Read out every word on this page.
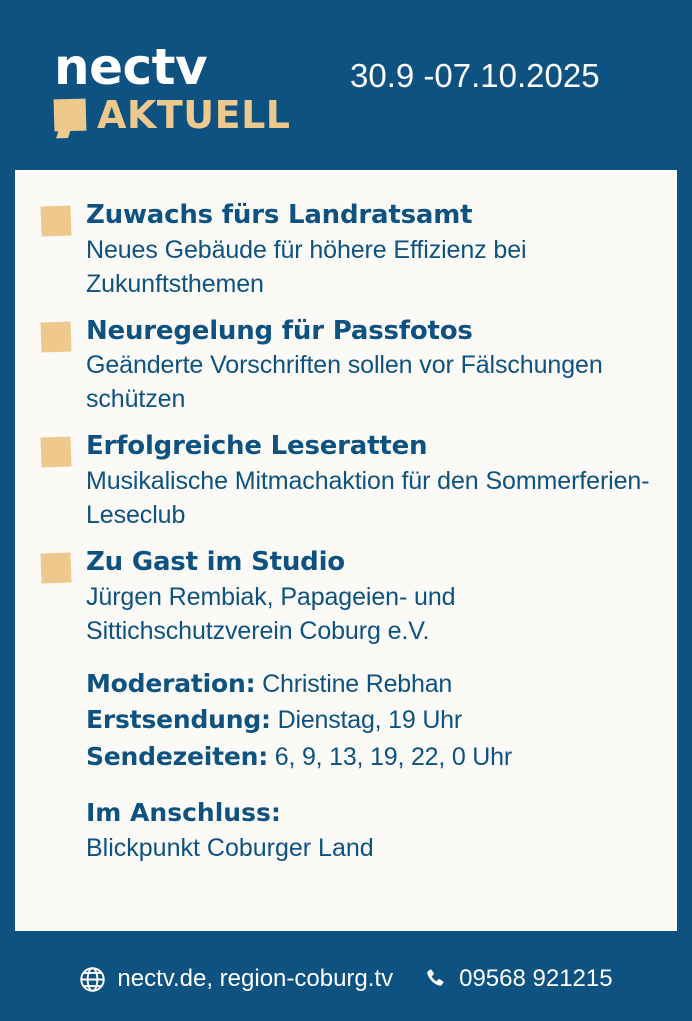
nectv
AKTUELL
30.9 -07.10.2025
Zuwachs fürs Landratsamt
Neues Gebäude für höhere Effizienz bei Zukunftsthemen
Neuregelung für Passfotos
Geänderte Vorschriften sollen vor Fälschungen schützen
Erfolgreiche Leseratten
Musikalische Mitmachaktion für den Sommerferien-Leseclub
Zu Gast im Studio
Jürgen Rembiak, Papageien- und Sittichschutzverein Coburg e.V.
Moderation: Christine Rebhan
Erstsendung: Dienstag, 19 Uhr
Sendezeiten: 6, 9, 13, 19, 22, 0 Uhr
Im Anschluss:
Blickpunkt Coburger Land
nectv.de, region-coburg.tv	09568 921215
